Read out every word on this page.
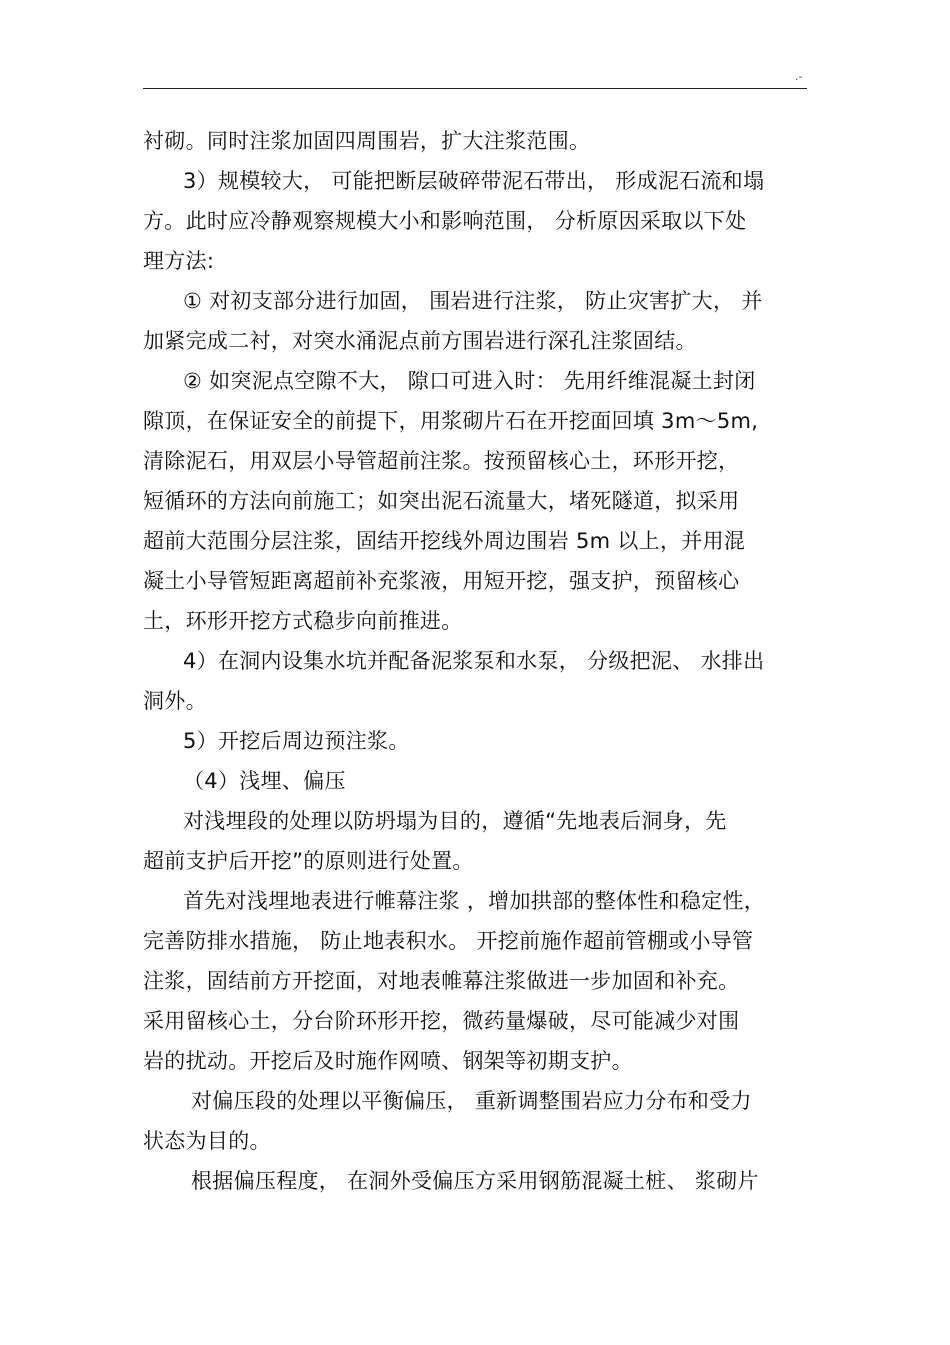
.-
衬砌。同时注浆加固四周围岩，扩大注浆范围。
3）规模较大， 可能把断层破碎带泥石带出， 形成泥石流和塌
方。此时应冷静观察规模大小和影响范围， 分析原因采取以下处
理方法:
① 对初支部分进行加固， 围岩进行注浆， 防止灾害扩大， 并
加紧完成二衬，对突水涌泥点前方围岩进行深孔注浆固结。
② 如突泥点空隙不大， 隙口可进入时： 先用纤维混凝土封闭
隙顶，在保证安全的前提下，用浆砌片石在开挖面回填 3m～5m,
清除泥石，用双层小导管超前注浆。按预留核心土，环形开挖，
短循环的方法向前施工；如突出泥石流量大，堵死隧道，拟采用
超前大范围分层注浆，固结开挖线外周边围岩 5m 以上，并用混
凝土小导管短距离超前补充浆液，用短开挖，强支护，预留核心
土，环形开挖方式稳步向前推进。
4）在洞内设集水坑并配备泥浆泵和水泵， 分级把泥、 水排出
洞外。
5）开挖后周边预注浆。
（4）浅埋、偏压
对浅埋段的处理以防坍塌为目的，遵循“先地表后洞身，先
超前支护后开挖”的原则进行处置。
首先对浅埋地表进行帷幕注浆 ，增加拱部的整体性和稳定性，
完善防排水措施， 防止地表积水。 开挖前施作超前管棚或小导管
注浆，固结前方开挖面，对地表帷幕注浆做进一步加固和补充。
采用留核心土，分台阶环形开挖，微药量爆破，尽可能减少对围
岩的扰动。开挖后及时施作网喷、钢架等初期支护。
对偏压段的处理以平衡偏压， 重新调整围岩应力分布和受力
状态为目的。
根据偏压程度， 在洞外受偏压方采用钢筋混凝土桩、 浆砌片
